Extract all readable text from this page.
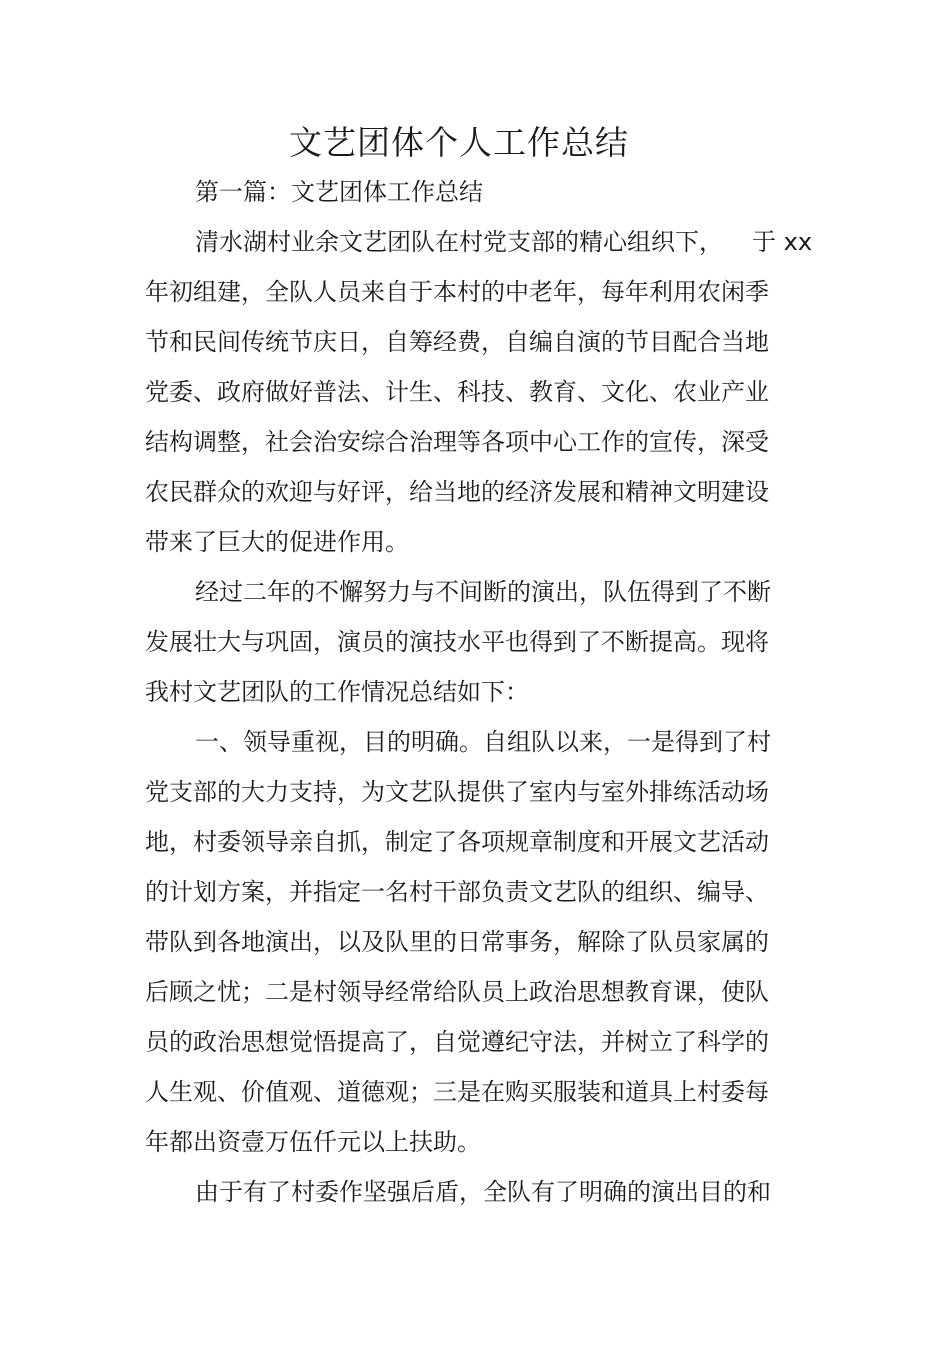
文艺团体个人工作总结
第一篇：文艺团体工作总结
清水湖村业余文艺团队在村党支部的精心组织下， 于 xx
年初组建，全队人员来自于本村的中老年，每年利用农闲季
节和民间传统节庆日，自筹经费，自编自演的节目配合当地
党委、政府做好普法、计生、科技、教育、文化、农业产业
结构调整，社会治安综合治理等各项中心工作的宣传，深受
农民群众的欢迎与好评，给当地的经济发展和精神文明建设
带来了巨大的促进作用。
经过二年的不懈努力与不间断的演出，队伍得到了不断
发展壮大与巩固，演员的演技水平也得到了不断提高。现将
我村文艺团队的工作情况总结如下：
一、领导重视，目的明确。自组队以来，一是得到了村
党支部的大力支持，为文艺队提供了室内与室外排练活动场
地，村委领导亲自抓，制定了各项规章制度和开展文艺活动
的计划方案，并指定一名村干部负责文艺队的组织、编导、
带队到各地演出，以及队里的日常事务，解除了队员家属的
后顾之忧；二是村领导经常给队员上政治思想教育课，使队
员的政治思想觉悟提高了，自觉遵纪守法，并树立了科学的
人生观、价值观、道德观；三是在购买服装和道具上村委每
年都出资壹万伍仟元以上扶助。
由于有了村委作坚强后盾，全队有了明确的演出目的和
